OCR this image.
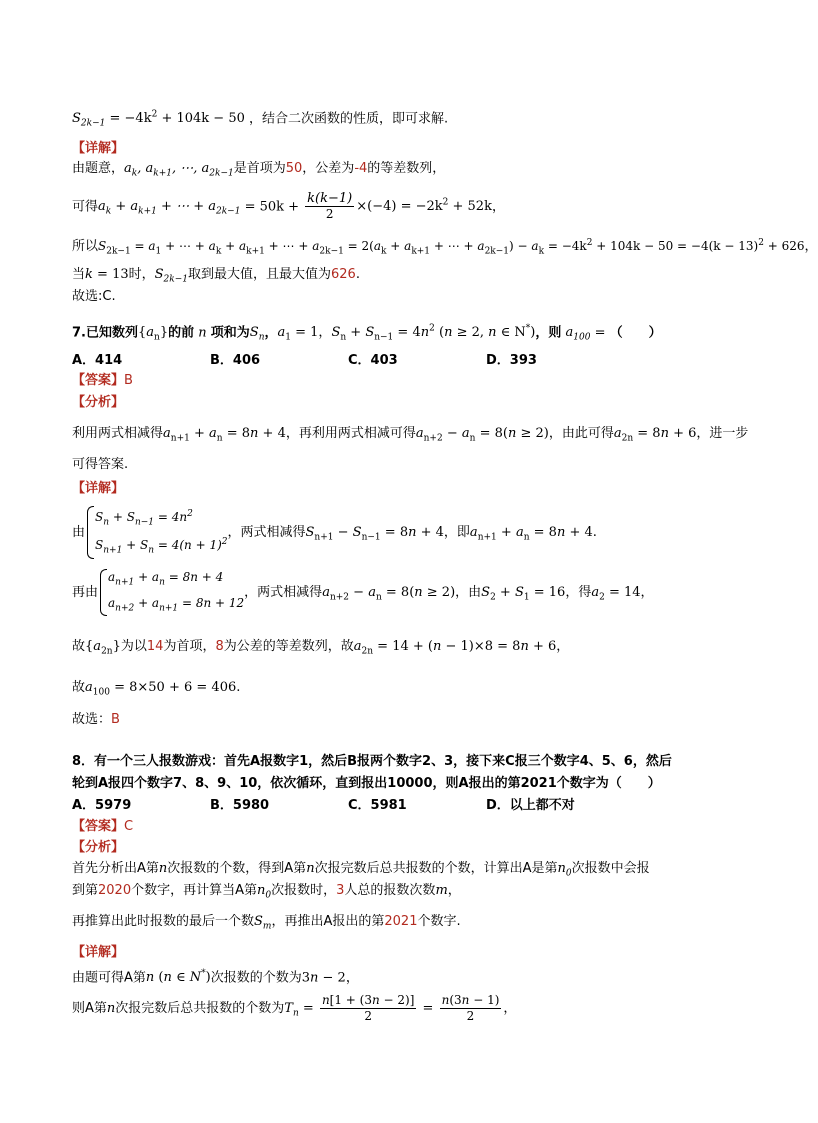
$S_{2k-1} = -4k^2 + 104k - 50$ ，结合二次函数的性质，即可求解.
【详解】
由题意，$a_k$, $a_{k+1}$, ⋯, $a_{2k-1}$是首项为50，公差为-4的等差数列，
可得$a_k + a_{k+1}$ + ⋯ + $a_{2k-1} = 50k + \frac{k(k-1)}{2} \times(-4) = -2k^2 + 52k$，
所以$S_{2k-1} = a_1$ + ⋯ + $a_k + a_{k+1}$ + ⋯ + $a_{2k-1} = 2(a_k + a_{k+1}$ + ⋯ + $a_{2k-1}) - a_k = -4k^2 + 104k - 50 = -4(k - 13)^2 + 626$，
当k = 13时，$S_{2k-1}$取到最大值，且最大值为626.
故选:C.
7.已知数列$\{a_n\}$的前 n 项和为$S_n$，$a_1 = 1$，$S_n + S_{n-1} = 4n^2$ (n ≥ 2, n ∈ N*)，则 $a_{100}$ = （　　）
A．414	B．406	C．403	D．393
【答案】B
【分析】
利用两式相减得$a_{n+1} + a_n = 8n + 4$，再利用两式相减可得$a_{n+2} - a_n = 8(n \ge 2)$，由此可得$a_{2n} = 8n + 6$，进一步
可得答案.
【详解】
由
$S_n + S_{n-1} = 4n^2$
$S_{n+1} + S_n = 4(n + 1)^2$
，两式相减得$S_{n+1} - S_{n-1} = 8n + 4$，即$a_{n+1} + a_n = 8n + 4$.
再由
$a_{n+1} + a_n = 8n + 4$
$a_{n+2} + a_{n+1} = 8n + 12$
，两式相减得$a_{n+2} - a_n = 8(n \ge 2)$，由$S_2 + S_1 = 16$，得$a_2 = 14$，
故$\{a_{2n}\}$为以14为首项，8为公差的等差数列，故$a_{2n} = 14 + (n - 1)\times 8 = 8n + 6$，
故$a_{100} = 8\times 50 + 6 = 406$.
故选：B
8．有一个三人报数游戏：首先A报数字1，然后B报两个数字2、3，接下来C报三个数字4、5、6，然后
轮到A报四个数字7、8、9、10，依次循环，直到报出10000，则A报出的第2021个数字为（　　）
A．5979	B．5980	C．5981	D．以上都不对
【答案】C
【分析】
首先分析出A第n次报数的个数，得到A第n次报完数后总共报数的个数，计算出A是第$n_0$次报数中会报
到第2020个数字，再计算当A第$n_0$次报数时，3人总的报数次数m，
再推算出此时报数的最后一个数$S_m$，再推出A报出的第2021个数字.
【详解】
由题可得A第n (n ∈ N*)次报数的个数为3n − 2，
则A第n次报完数后总共报数的个数为$T_n = \frac{n[1 + (3n - 2)]}{2} = \frac{n(3n - 1)}{2}$ ，
